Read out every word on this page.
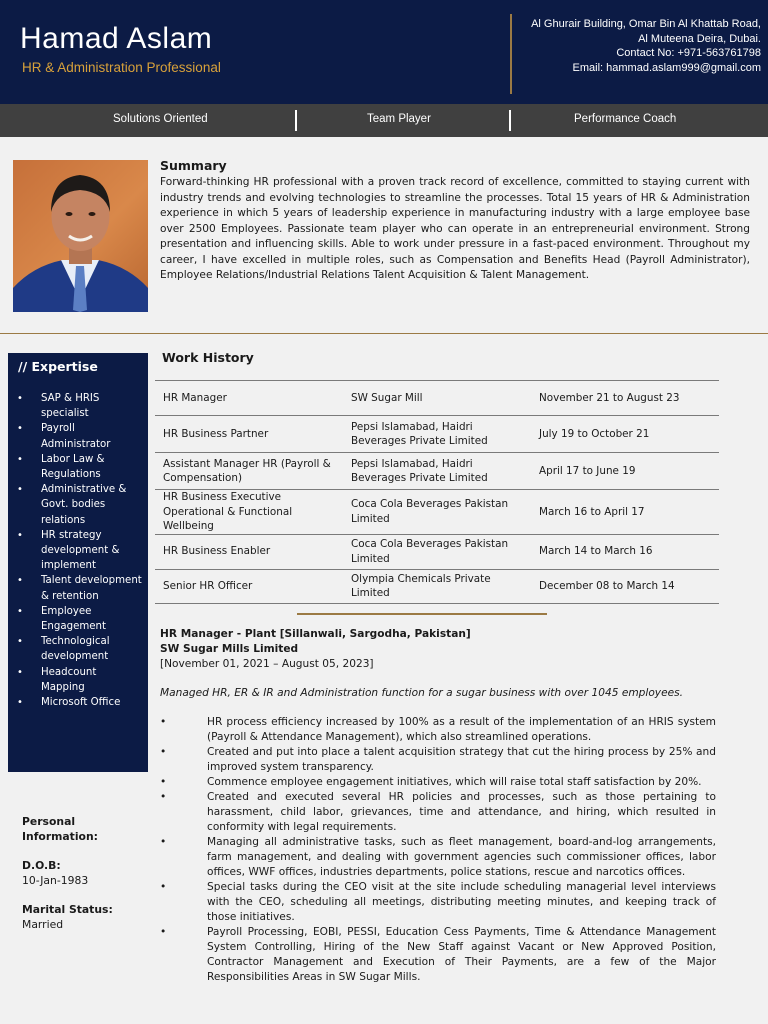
Hamad Aslam
HR & Administration Professional
Al Ghurair Building, Omar Bin Al Khattab Road,
Al Muteena Deira, Dubai.
Contact No: +971-563761798
Email: hammad.aslam999@gmail.com
Solutions Oriented	Team Player	Performance Coach
Summary
Forward-thinking HR professional with a proven track record of excellence, committed to staying current with industry trends and evolving technologies to streamline the processes. Total 15 years of HR & Administration experience in which 5 years of leadership experience in manufacturing industry with a large employee base over 2500 Employees. Passionate team player who can operate in an entrepreneurial environment. Strong presentation and influencing skills. Able to work under pressure in a fast-paced environment. Throughout my career, I have excelled in multiple roles, such as Compensation and Benefits Head (Payroll Administrator), Employee Relations/Industrial Relations Talent Acquisition & Talent Management.
// Expertise
• SAP & HRIS specialist
• Payroll Administrator
• Labor Law & Regulations
• Administrative & Govt. bodies relations
• HR strategy development & implement
• Talent development & retention
• Employee Engagement
• Technological development
• Headcount Mapping
• Microsoft Office
Personal
Information:
D.O.B:
10-Jan-1983
Marital Status:
Married
Work History
HR Manager	SW Sugar Mill	November 21 to August 23
HR Business Partner	Pepsi Islamabad, Haidri Beverages Private Limited	July 19 to October 21
Assistant Manager HR (Payroll & Compensation)	Pepsi Islamabad, Haidri Beverages Private Limited	April 17 to June 19
HR Business Executive Operational & Functional Wellbeing	Coca Cola Beverages Pakistan Limited	March 16 to April 17
HR Business Enabler	Coca Cola Beverages Pakistan Limited	March 14 to March 16
Senior HR Officer	Olympia Chemicals Private Limited	December 08 to March 14
HR Manager - Plant [Sillanwali, Sargodha, Pakistan]
SW Sugar Mills Limited
[November 01, 2021 – August 05, 2023]
Managed HR, ER & IR and Administration function for a sugar business with over 1045 employees.
• HR process efficiency increased by 100% as a result of the implementation of an HRIS system (Payroll & Attendance Management), which also streamlined operations.
• Created and put into place a talent acquisition strategy that cut the hiring process by 25% and improved system transparency.
• Commence employee engagement initiatives, which will raise total staff satisfaction by 20%.
• Created and executed several HR policies and processes, such as those pertaining to harassment, child labor, grievances, time and attendance, and hiring, which resulted in conformity with legal requirements.
• Managing all administrative tasks, such as fleet management, board-and-log arrangements, farm management, and dealing with government agencies such commissioner offices, labor offices, WWF offices, industries departments, police stations, rescue and narcotics offices.
• Special tasks during the CEO visit at the site include scheduling managerial level interviews with the CEO, scheduling all meetings, distributing meeting minutes, and keeping track of those initiatives.
• Payroll Processing, EOBI, PESSI, Education Cess Payments, Time & Attendance Management System Controlling, Hiring of the New Staff against Vacant or New Approved Position, Contractor Management and Execution of Their Payments, are a few of the Major Responsibilities Areas in SW Sugar Mills.
